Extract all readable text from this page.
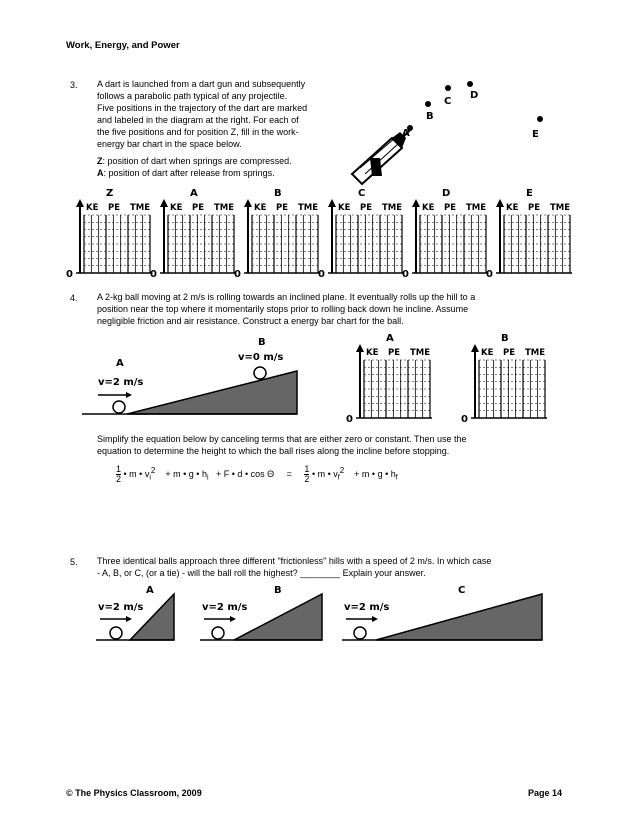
Work, Energy, and Power
3. A dart is launched from a dart gun and subsequently
follows a parabolic path typical of any projectile.
Five positions in the trajectory of the dart are marked
and labeled in the diagram at the right. For each of
the five positions and for position Z, fill in the work-
energy bar chart in the space below.
Z: position of dart when springs are compressed.
A: position of dart after release from springs.
A
B
C
D
E
Z
KE PE TME
0
A
KE PE TME
0
B
KE PE TME
0
C
KE PE TME
0
D
KE PE TME
0
E
KE PE TME
0
4. A 2-kg ball moving at 2 m/s is rolling towards an inclined plane. It eventually rolls up the hill to a
position near the top where it momentarily stops prior to rolling back down he incline. Assume
negligible friction and air resistance. Construct a energy bar chart for the ball.
A
v=2 m/s
B
v=0 m/s
A
KE PE TME
0
B
KE PE TME
0
Simplify the equation below by canceling terms that are either zero or constant. Then use the
equation to determine the height to which the ball rises along the incline before stopping.
$\frac{1}{2}$ • m • $v_i^2 + m$ • g • $h_i + F$ • d • $\cos \Theta = \frac{1}{2}$ • m • $v_f^2 + m$ • g • $h_f$
5. Three identical balls approach three different "frictionless" hills with a speed of 2 m/s. In which case
- A, B, or C, (or a tie) - will the ball roll the highest? ________ Explain your answer.
A
v=2 m/s
B
v=2 m/s
C
v=2 m/s
© The Physics Classroom, 2009	Page 14
